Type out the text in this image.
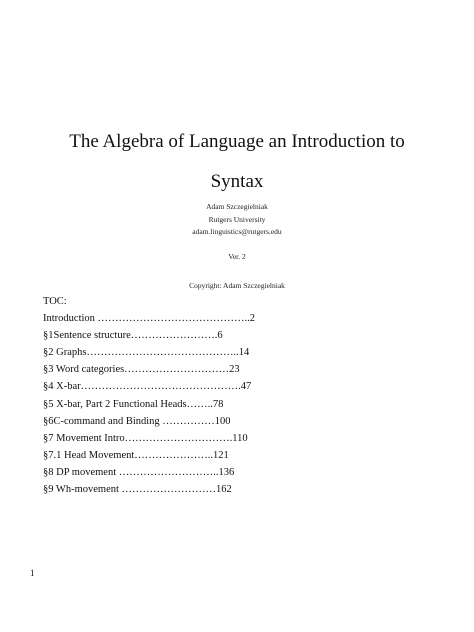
The Algebra of Language an Introduction to
Syntax
Adam Szczegielniak
Rutgers University
adam.linguistics@rutgers.edu
Ver. 2
Copyright: Adam Szczegielniak
TOC:
Introduction ……………………………………..2
§1Sentence structure…………………….6
§2 Graphs……………………………………..14
§3 Word categories…………………………23
§4 X-bar……………………………………….47
§5 X-bar, Part 2 Functional Heads……..78
§6C-command and Binding ……………100
§7 Movement Intro………………………….110
§7.1 Head Movement…………………..121
§8 DP movement ………………………..136
§9 Wh-movement ………………………162
1
